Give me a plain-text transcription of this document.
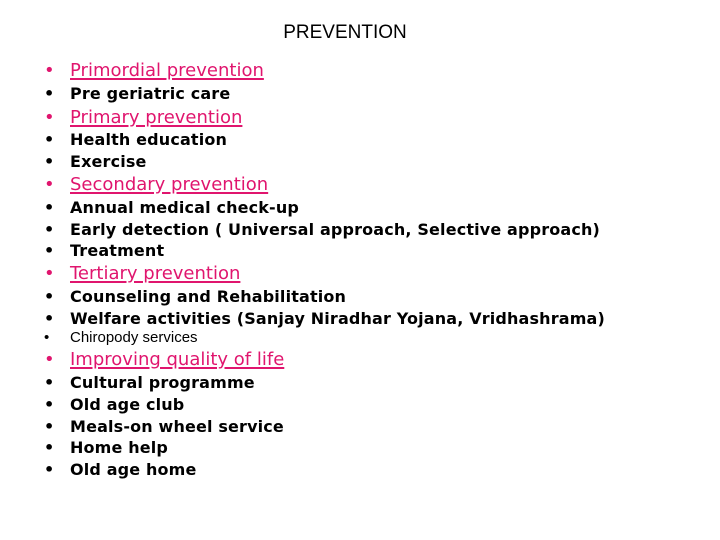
PREVENTION
• Primordial prevention
• Pre geriatric care
• Primary prevention
• Health education
• Exercise
• Secondary prevention
• Annual medical check-up
• Early detection ( Universal approach, Selective approach)
• Treatment
• Tertiary prevention
• Counseling and Rehabilitation
• Welfare activities (Sanjay Niradhar Yojana, Vridhashrama)
• Chiropody services
• Improving quality of life
• Cultural programme
• Old age club
• Meals-on wheel service
• Home help
• Old age home
